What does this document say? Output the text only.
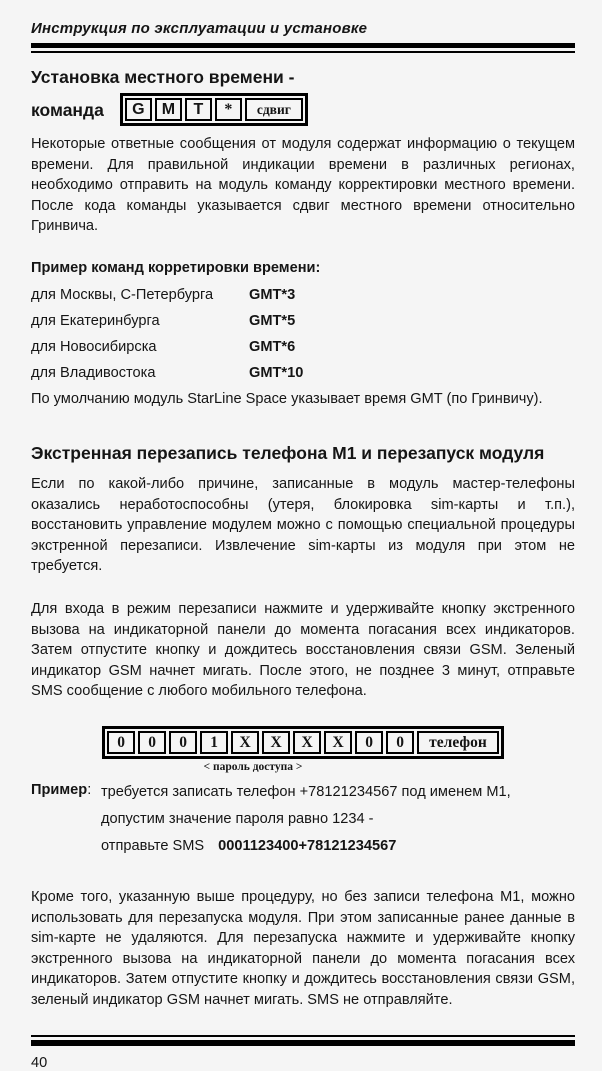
Инструкция по эксплуатации и установке
Установка местного времени -
команда	G	M	T	*	сдвиг

Некоторые ответные сообщения от модуля содержат информацию о текущем времени. Для правильной индикации времени в различных регионах, необходимо отправить на модуль команду корректировки местного времени. После кода команды указывается сдвиг местного времени относительно Гринвича.

Пример команд корретировки времени:
для Москвы, С-Петербурга	GMT*3
для Екатеринбурга	GMT*5
для Новосибирска	GMT*6
для Владивостока	GMT*10

По умолчанию модуль StarLine Space указывает время GMT (по Гринвичу).

Экстренная перезапись телефона М1 и перезапуск модуля

Если по какой-либо причине, записанные в модуль мастер-телефоны оказались неработоспособны (утеря, блокировка sim-карты и т.п.), восстановить управление модулем можно с помощью специальной процедуры экстренной перезаписи. Извлечение sim-карты из модуля при этом не требуется.

Для входа в режим перезаписи нажмите и удерживайте кнопку экстренного вызова на индикаторной панели до момента погасания всех индикаторов. Затем отпустите кнопку и дождитесь восстановления связи GSM. Зеленый индикатор GSM начнет мигать. После этого, не позднее 3 минут, отправьте SMS сообщение с любого мобильного телефона.

0	0	0	1	X	X	X	X	0	0	телефон
< пароль доступа >
Пример: требуется записать телефон +78121234567 под именем М1,
допустим значение пароля равно 1234 -
отправьте SMS 0001123400+78121234567

Кроме того, указанную выше процедуру, но без записи телефона М1, можно использовать для перезапуска модуля. При этом записанные ранее данные в sim-карте не удаляются. Для перезапуска нажмите и удерживайте кнопку экстренного вызова на индикаторной панели до момента погасания всех индикаторов. Затем отпустите кнопку и дождитесь восстановления связи GSM, зеленый индикатор GSM начнет мигать. SMS не отправляйте.

40
